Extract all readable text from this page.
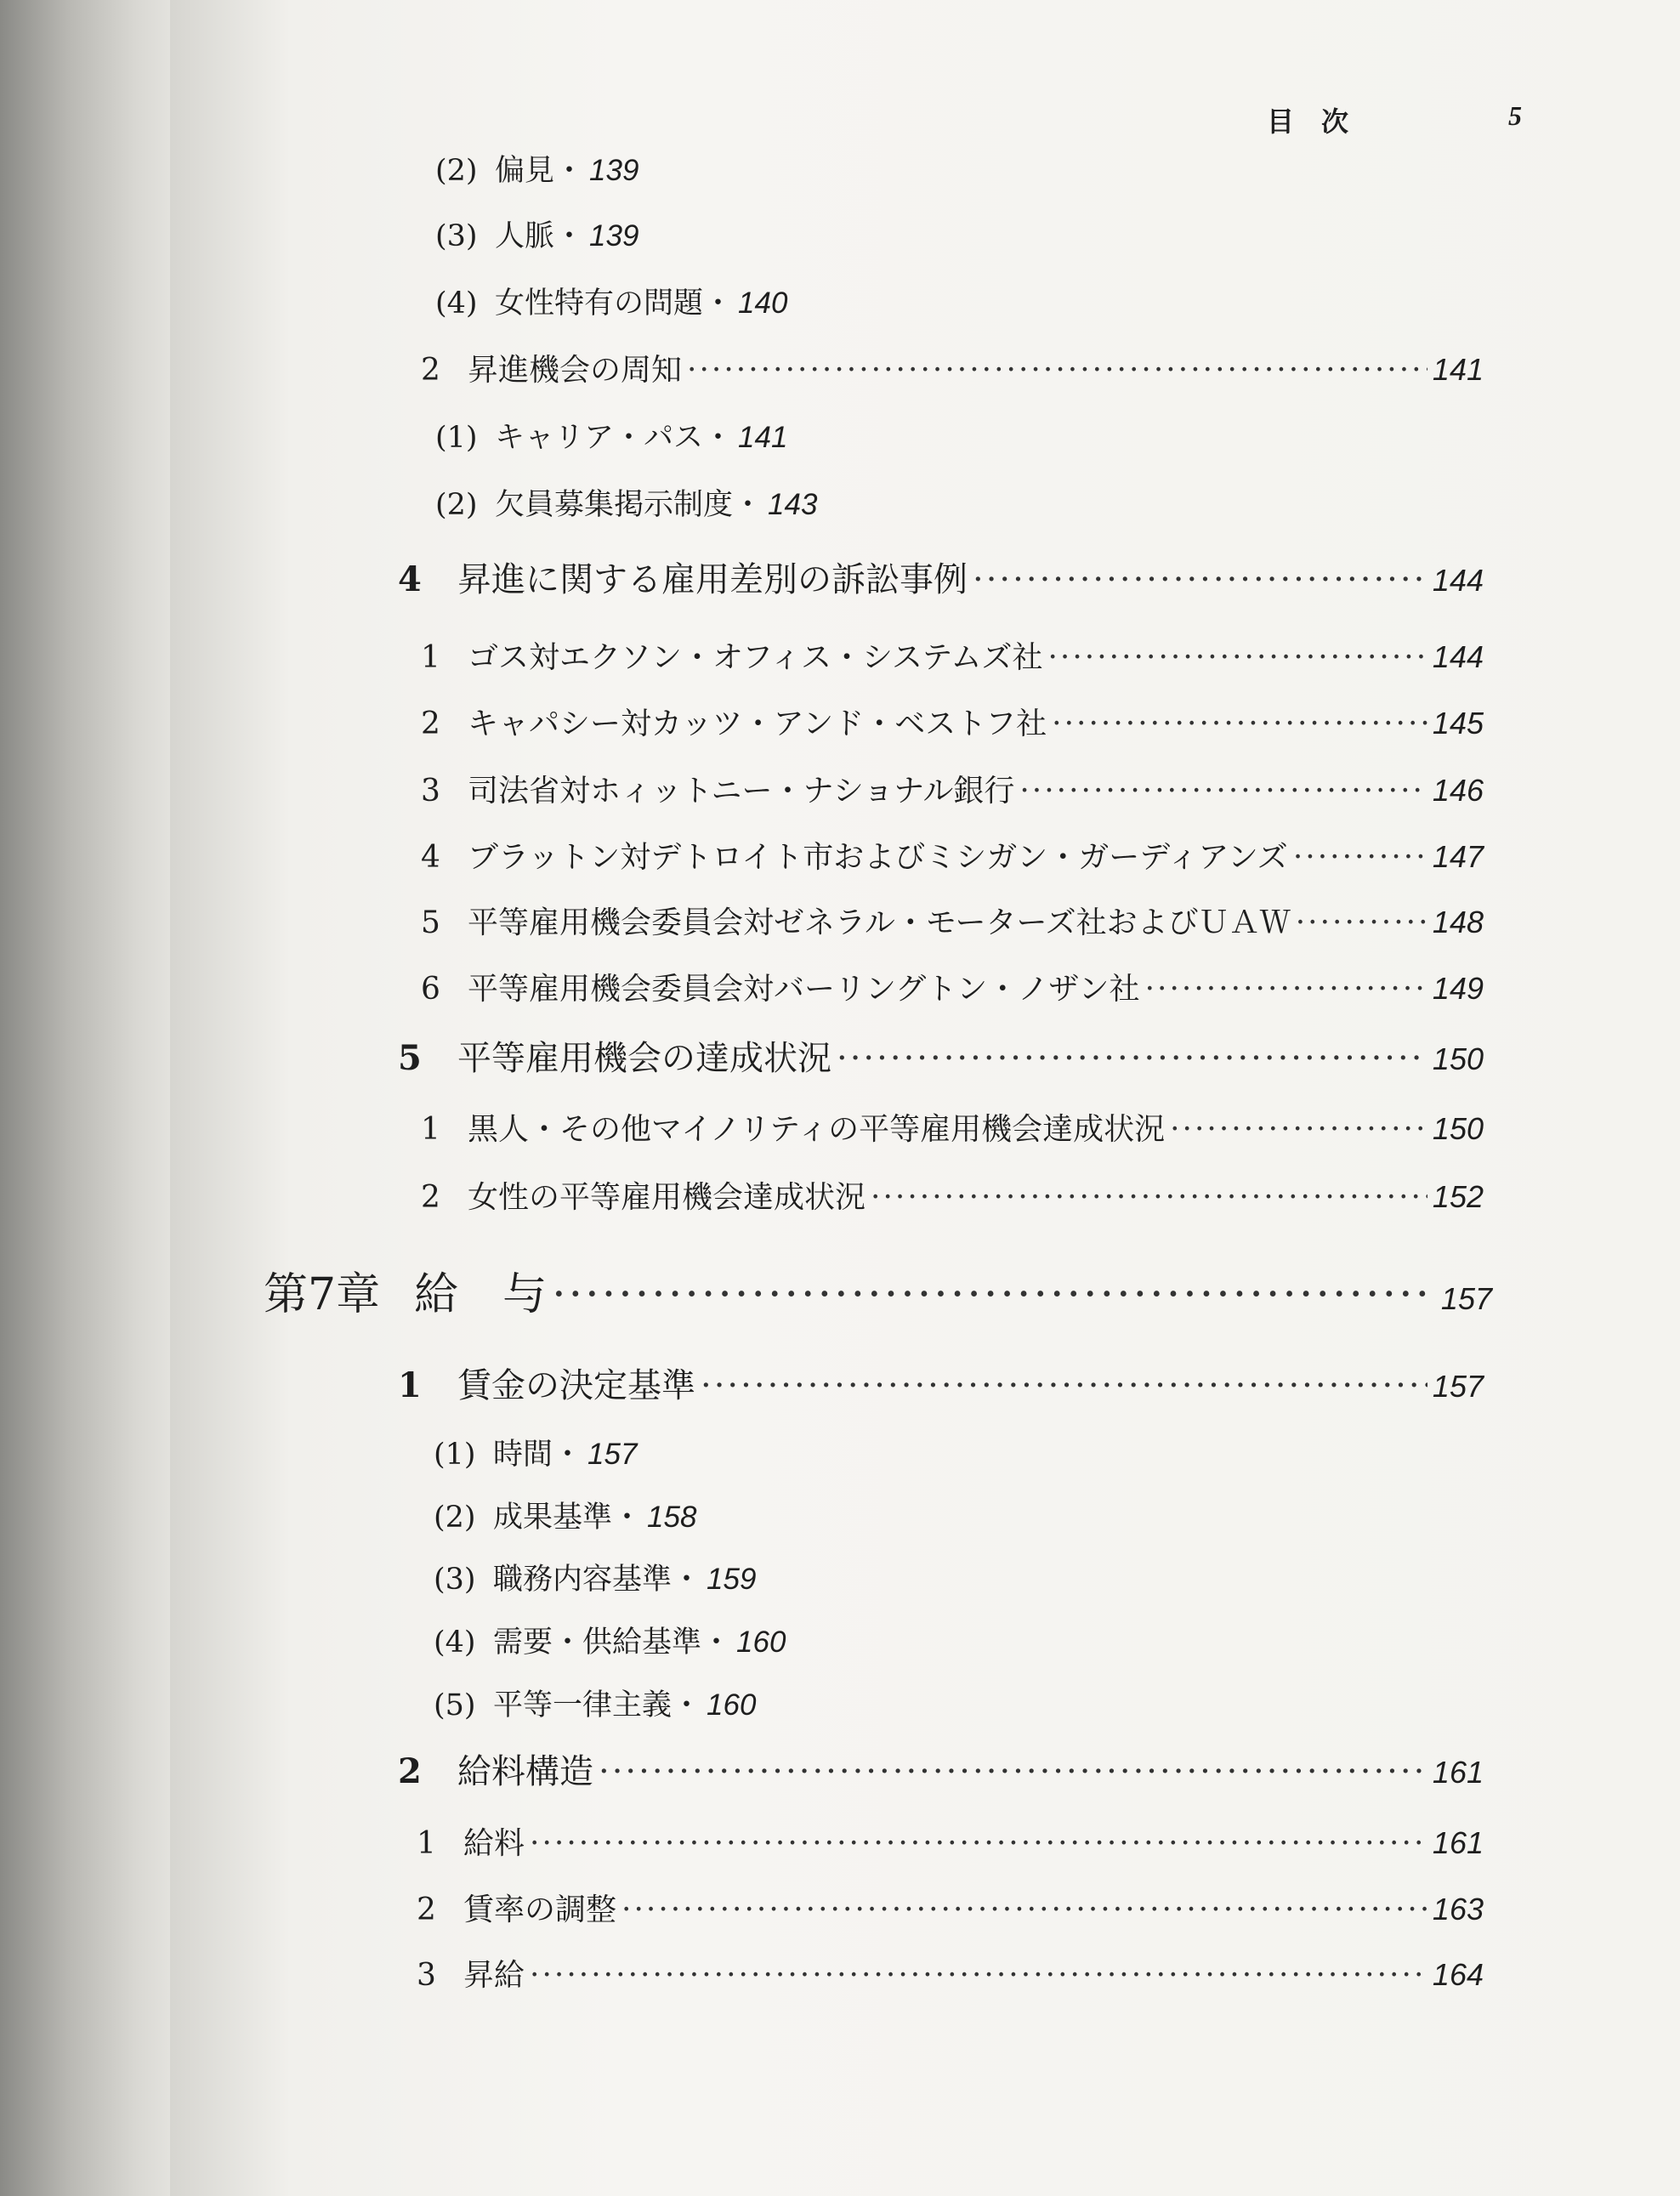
目　次	5
(2) 偏見・ 139
(3) 人脈・ 139
(4) 女性特有の問題・ 140
2 昇進機会の周知 ·····	141
(1) キャリア・パス・ 141
(2) 欠員募集掲示制度・ 143
4	昇進に関する雇用差別の訴訟事例 ·····	144
1 ゴス対エクソン・オフィス・システムズ社 ·····	144
2 キャパシー対カッツ・アンド・ベストフ社 ·····	145
3 司法省対ホィットニー・ナショナル銀行 ·····	146
4 ブラットン対デトロイト市およびミシガン・ガーディアンズ ·····	147
5 平等雇用機会委員会対ゼネラル・モーターズ社およびＵＡＷ ·····	148
6 平等雇用機会委員会対バーリングトン・ノザン社 ·····	149
5	平等雇用機会の達成状況 ·····	150
1 黒人・その他マイノリティの平等雇用機会達成状況 ·····	150
2 女性の平等雇用機会達成状況 ·····	152
第7章 給　与 ·····	157
1	賃金の決定基準 ·····	157
(1) 時間・ 157
(2) 成果基準・ 158
(3) 職務内容基準・ 159
(4) 需要・供給基準・ 160
(5) 平等一律主義・ 160
2	給料構造 ·····	161
1 給料 ·····	161
2 賃率の調整 ·····	163
3 昇給 ·····	164
